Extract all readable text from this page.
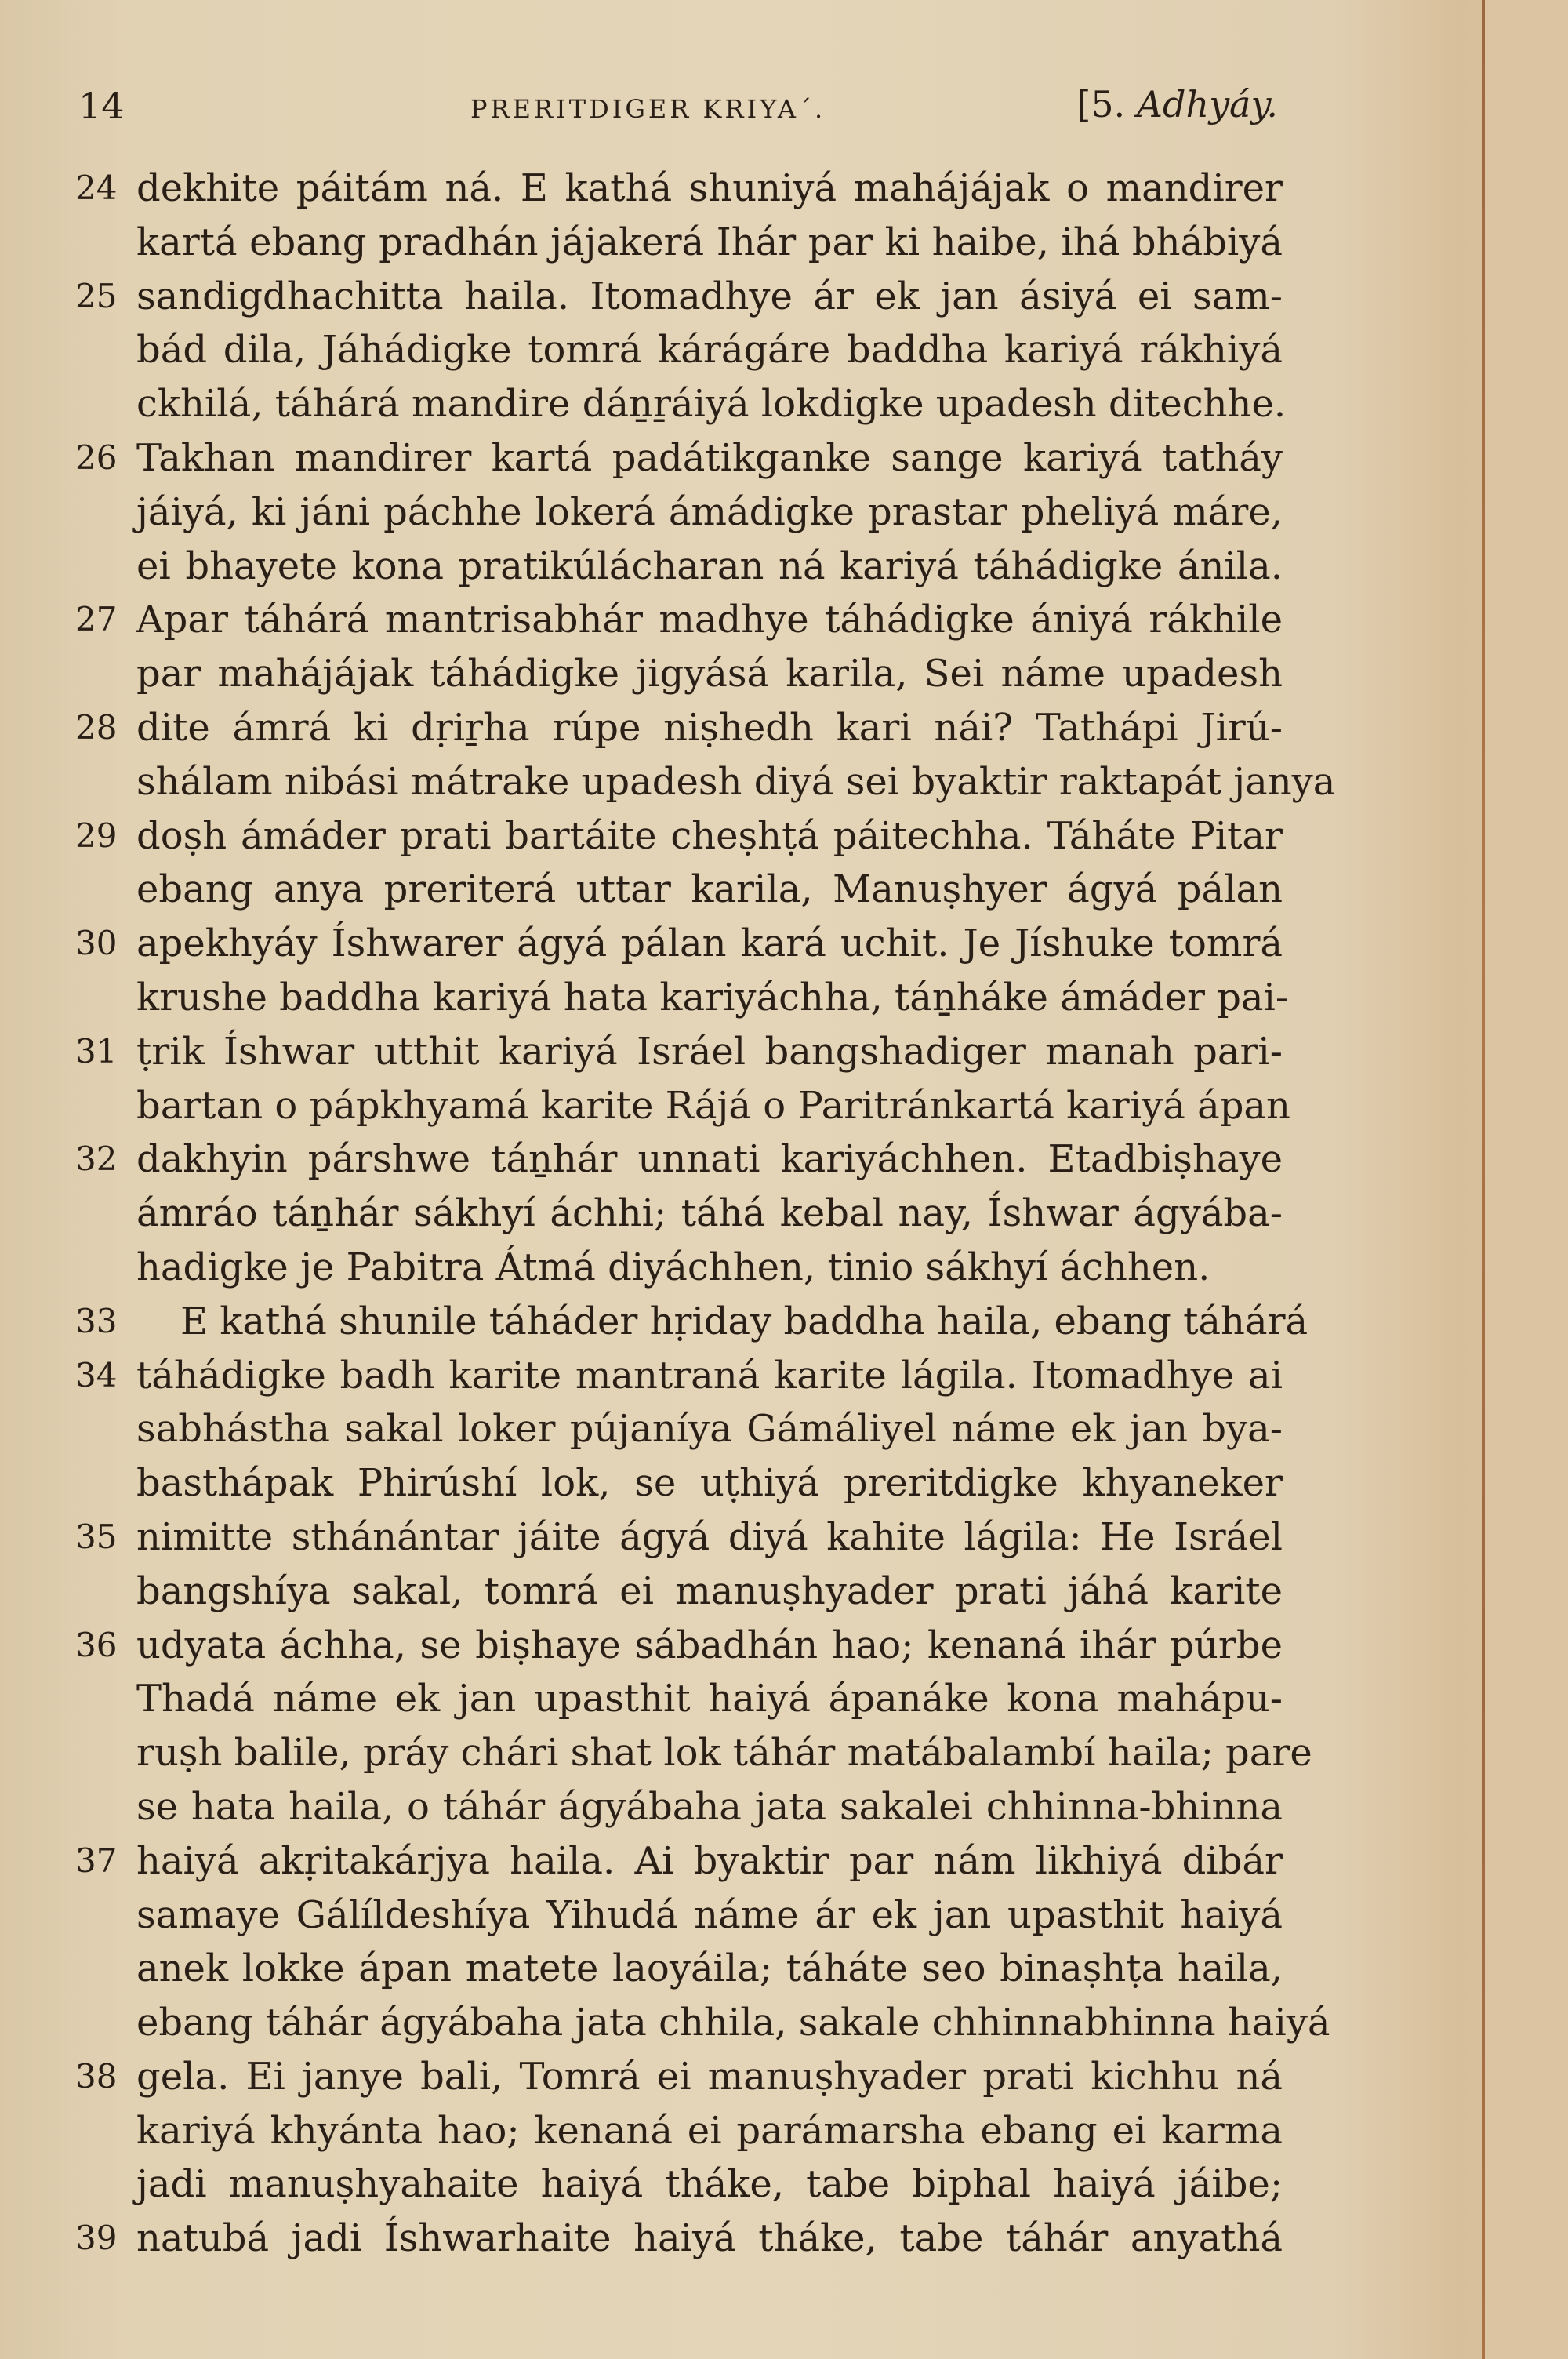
14	PRERITDIGER KRIYA´.	[5. Adhyáy.
24 dekhite páitám ná. E kathá shuniyá mahájájak o mandirer
kartá ebang pradhán jájakerá Ihár par ki haibe, ihá bhábiyá
25 sandigdhachitta haila. Itomadhye ár ek jan ásiyá ei sam-
bád dila, Jáhádigke tomrá kárágáre baddha kariyá rákhiyá
ckhilá, táhárá mandire dáṉṟáiyá lokdigke upadesh ditechhe.
26 Takhan mandirer kartá padátikganke sange kariyá tatháy
jáiyá, ki jáni páchhe lokerá ámádigke prastar pheliyá máre,
ei bhayete kona pratikúlácharan ná kariyá táhádigke ánila.
27 Apar táhárá mantrisabhár madhye táhádigke ániyá rákhile
par mahájájak táhádigke jigyásá karila, Sei náme upadesh
28 dite ámrá ki dṛiṟha rúpe niṣhedh kari nái? Tathápi Jirú-
shálam nibási mátrake upadesh diyá sei byaktir raktapát janya
29 doṣh ámáder prati bartáite cheṣhṭá páitechha. Táháte Pitar
ebang anya preriterá uttar karila, Manuṣhyer ágyá pálan
30 apekhyáy Íshwarer ágyá pálan kará uchit. Je Jíshuke tomrá
krushe baddha kariyá hata kariyáchha, táṉháke ámáder pai-
31 ṭrik Íshwar utthit kariyá Isráel bangshadiger manah pari-
bartan o pápkhyamá karite Rájá o Paritránkartá kariyá ápan
32 dakhyin párshwe táṉhár unnati kariyáchhen. Etadbiṣhaye
ámráo táṉhár sákhyí áchhi; táhá kebal nay, Íshwar ágyába-
hadigke je Pabitra Átmá diyáchhen, tinio sákhyí áchhen.
33	E kathá shunile táháder hṛiday baddha haila, ebang táhárá
34 táhádigke badh karite mantraná karite lágila. Itomadhye ai
sabhástha sakal loker pújaníya Gámáliyel náme ek jan bya-
basthápak Phirúshí lok, se uṭhiyá preritdigke khyaneker
35 nimitte sthánántar jáite ágyá diyá kahite lágila: He Isráel
bangshíya sakal, tomrá ei manuṣhyader prati jáhá karite
36 udyata áchha, se biṣhaye sábadhán hao; kenaná ihár púrbe
Thadá náme ek jan upasthit haiyá ápanáke kona mahápu-
ruṣh balile, práy chári shat lok táhár matábalambí haila; pare
se hata haila, o táhár ágyábaha jata sakalei chhinna-bhinna
37 haiyá akṛitakárjya haila. Ai byaktir par nám likhiyá dibár
samaye Gálíldeshíya Yihudá náme ár ek jan upasthit haiyá
anek lokke ápan matete laoyáila; táháte seo binaṣhṭa haila,
ebang táhár ágyábaha jata chhila, sakale chhinnabhinna haiyá
38 gela. Ei janye bali, Tomrá ei manuṣhyader prati kichhu ná
kariyá khyánta hao; kenaná ei parámarsha ebang ei karma
jadi manuṣhyahaite haiyá tháke, tabe biphal haiyá jáibe;
39 natubá jadi Íshwarhaite haiyá tháke, tabe táhár anyathá
